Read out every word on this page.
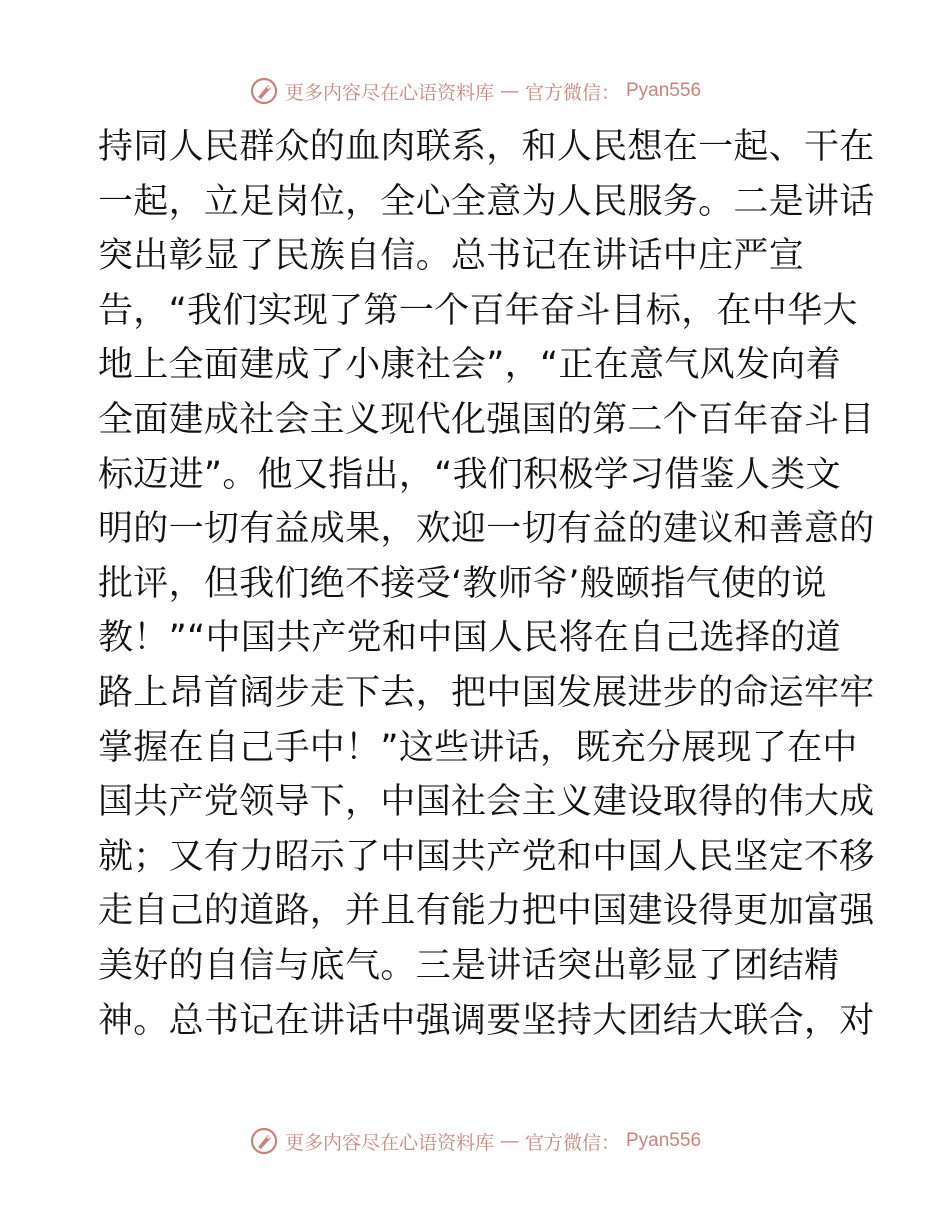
更多内容尽在心语资料库 — 官方微信： Pyan556
持同人民群众的血肉联系，和人民想在一起、干在
一起，立足岗位，全心全意为人民服务。二是讲话
突出彰显了民族自信。总书记在讲话中庄严宣
告，“我们实现了第一个百年奋斗目标，在中华大
地上全面建成了小康社会”，“正在意气风发向着
全面建成社会主义现代化强国的第二个百年奋斗目
标迈进”。他又指出，“我们积极学习借鉴人类文
明的一切有益成果，欢迎一切有益的建议和善意的
批评，但我们绝不接受‘教师爷’般颐指气使的说
教！”“中国共产党和中国人民将在自己选择的道
路上昂首阔步走下去，把中国发展进步的命运牢牢
掌握在自己手中！”这些讲话，既充分展现了在中
国共产党领导下，中国社会主义建设取得的伟大成
就；又有力昭示了中国共产党和中国人民坚定不移
走自己的道路，并且有能力把中国建设得更加富强
美好的自信与底气。三是讲话突出彰显了团结精
神。总书记在讲话中强调要坚持大团结大联合，对
更多内容尽在心语资料库 — 官方微信： Pyan556
